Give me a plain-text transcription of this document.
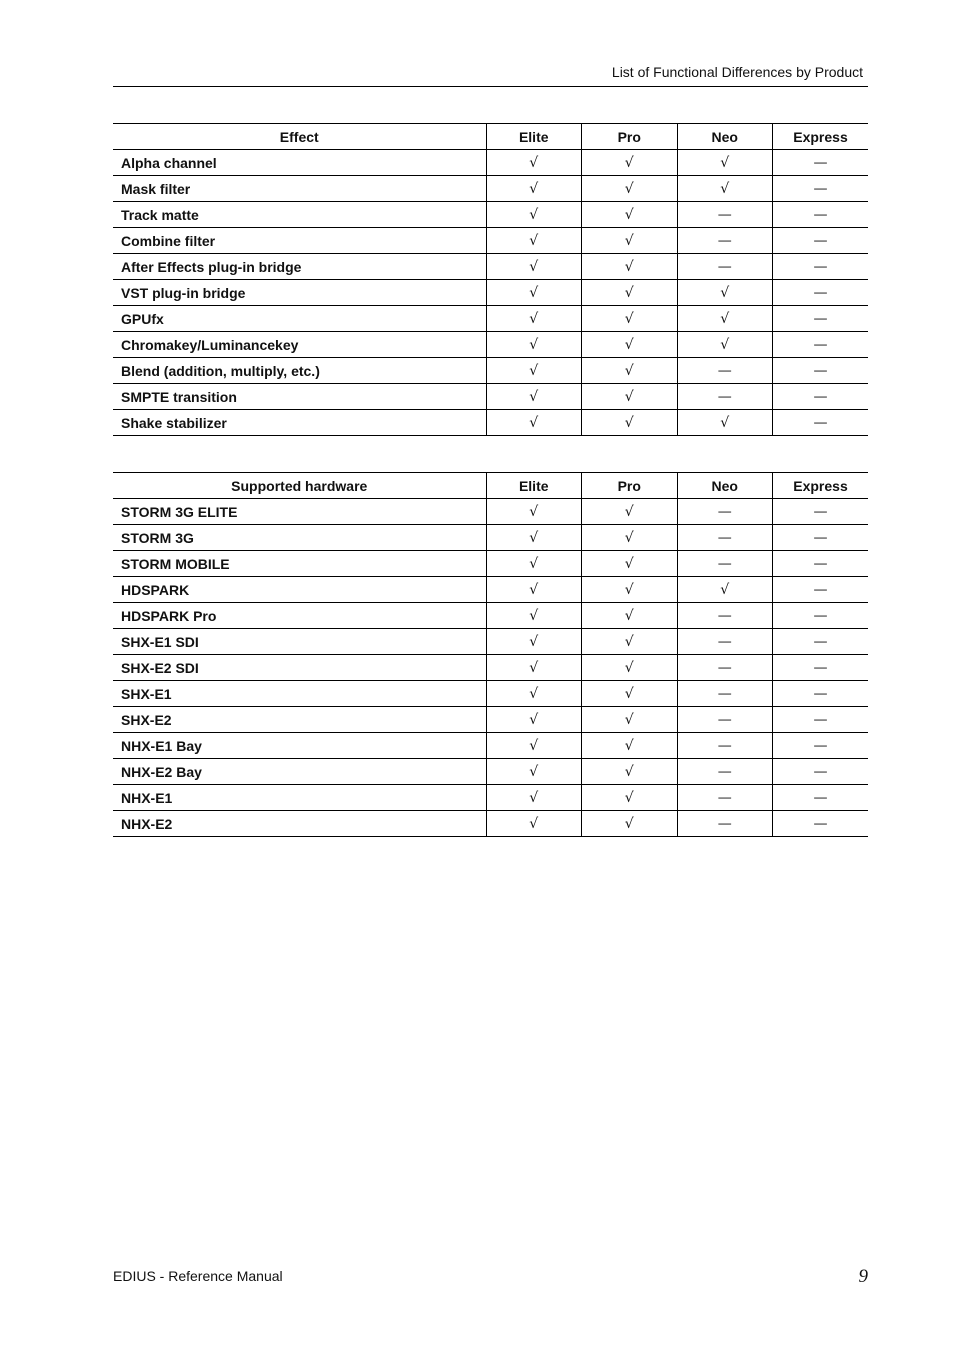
List of Functional Differences by Product
Effect	Elite	Pro	Neo	Express
Alpha channel	√	√	√	—
Mask filter	√	√	√	—
Track matte	√	√	—	—
Combine filter	√	√	—	—
After Effects plug-in bridge	√	√	—	—
VST plug-in bridge	√	√	√	—
GPUfx	√	√	√	—
Chromakey/Luminancekey	√	√	√	—
Blend (addition, multiply, etc.)	√	√	—	—
SMPTE transition	√	√	—	—
Shake stabilizer	√	√	√	—
Supported hardware	Elite	Pro	Neo	Express
STORM 3G ELITE	√	√	—	—
STORM 3G	√	√	—	—
STORM MOBILE	√	√	—	—
HDSPARK	√	√	√	—
HDSPARK Pro	√	√	—	—
SHX-E1 SDI	√	√	—	—
SHX-E2 SDI	√	√	—	—
SHX-E1	√	√	—	—
SHX-E2	√	√	—	—
NHX-E1 Bay	√	√	—	—
NHX-E2 Bay	√	√	—	—
NHX-E1	√	√	—	—
NHX-E2	√	√	—	—
EDIUS - Reference Manual	9
